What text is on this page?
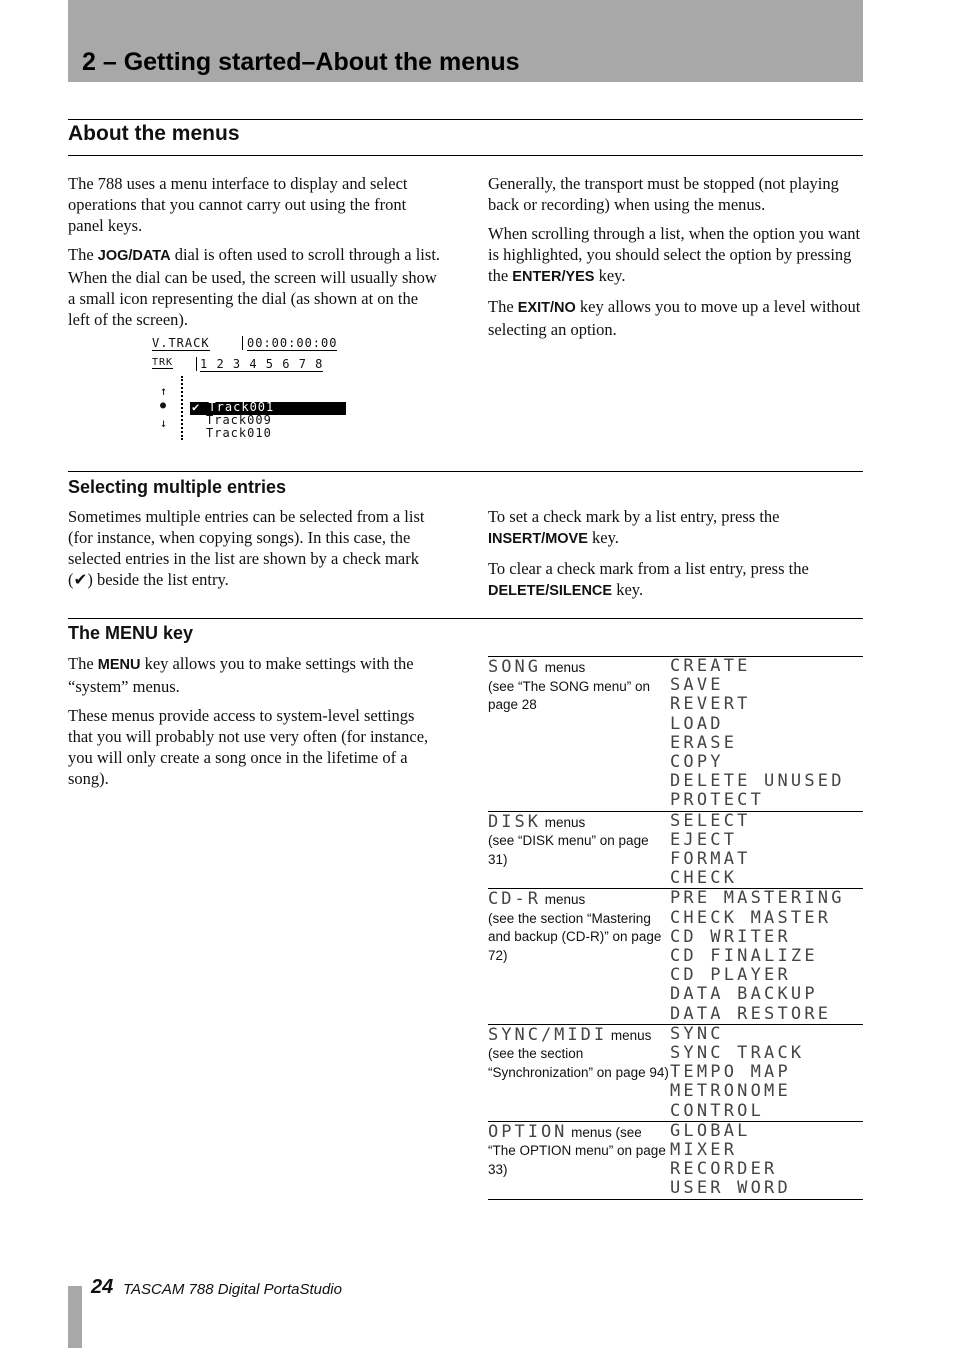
2 – Getting started–About the menus
About the menus

The 788 uses a menu interface to display and select operations that you cannot carry out using the front panel keys.

The JOG/DATA dial is often used to scroll through a list. When the dial can be used, the screen will usually show a small icon representing the dial (as shown at on the left of the screen).

Generally, the transport must be stopped (not playing back or recording) when using the menus.

When scrolling through a list, when the option you want is highlighted, you should select the option by pressing the ENTER/YES key.

The EXIT/NO key allows you to move up a level without selecting an option.

V.TRACK	00:00:00:00
TRK	1 2 3 4 5 6 7 8
↑
●
↓
✔ Track001
Track009
Track010
Selecting multiple entries

Sometimes multiple entries can be selected from a list (for instance, when copying songs). In this case, the selected entries in the list are shown by a check mark (✔) beside the list entry.

To set a check mark by a list entry, press the INSERT/MOVE key.

To clear a check mark from a list entry, press the DELETE/SILENCE key.

The MENU key

The MENU key allows you to make settings with the “system” menus.

These menus provide access to system-level settings that you will probably not use very often (for instance, you will only create a song once in the lifetime of a song).

SONG menus
(see “The SONG menu” on page 28
CREATE
SAVE
REVERT
LOAD
ERASE
COPY
DELETE UNUSED
PROTECT
DISK menus
(see “DISK menu” on page 31)
SELECT
EJECT
FORMAT
CHECK
CD-R menus
(see the section “Mastering and backup (CD-R)” on page 72)
PRE MASTERING
CHECK MASTER
CD WRITER
CD FINALIZE
CD PLAYER
DATA BACKUP
DATA RESTORE
SYNC/MIDI menus
(see the section “Synchronization” on page 94)
SYNC
SYNC TRACK
TEMPO MAP
METRONOME
CONTROL
OPTION menus (see
“The OPTION menu” on page 33)
GLOBAL
MIXER
RECORDER
USER WORD
24 TASCAM 788 Digital PortaStudio
